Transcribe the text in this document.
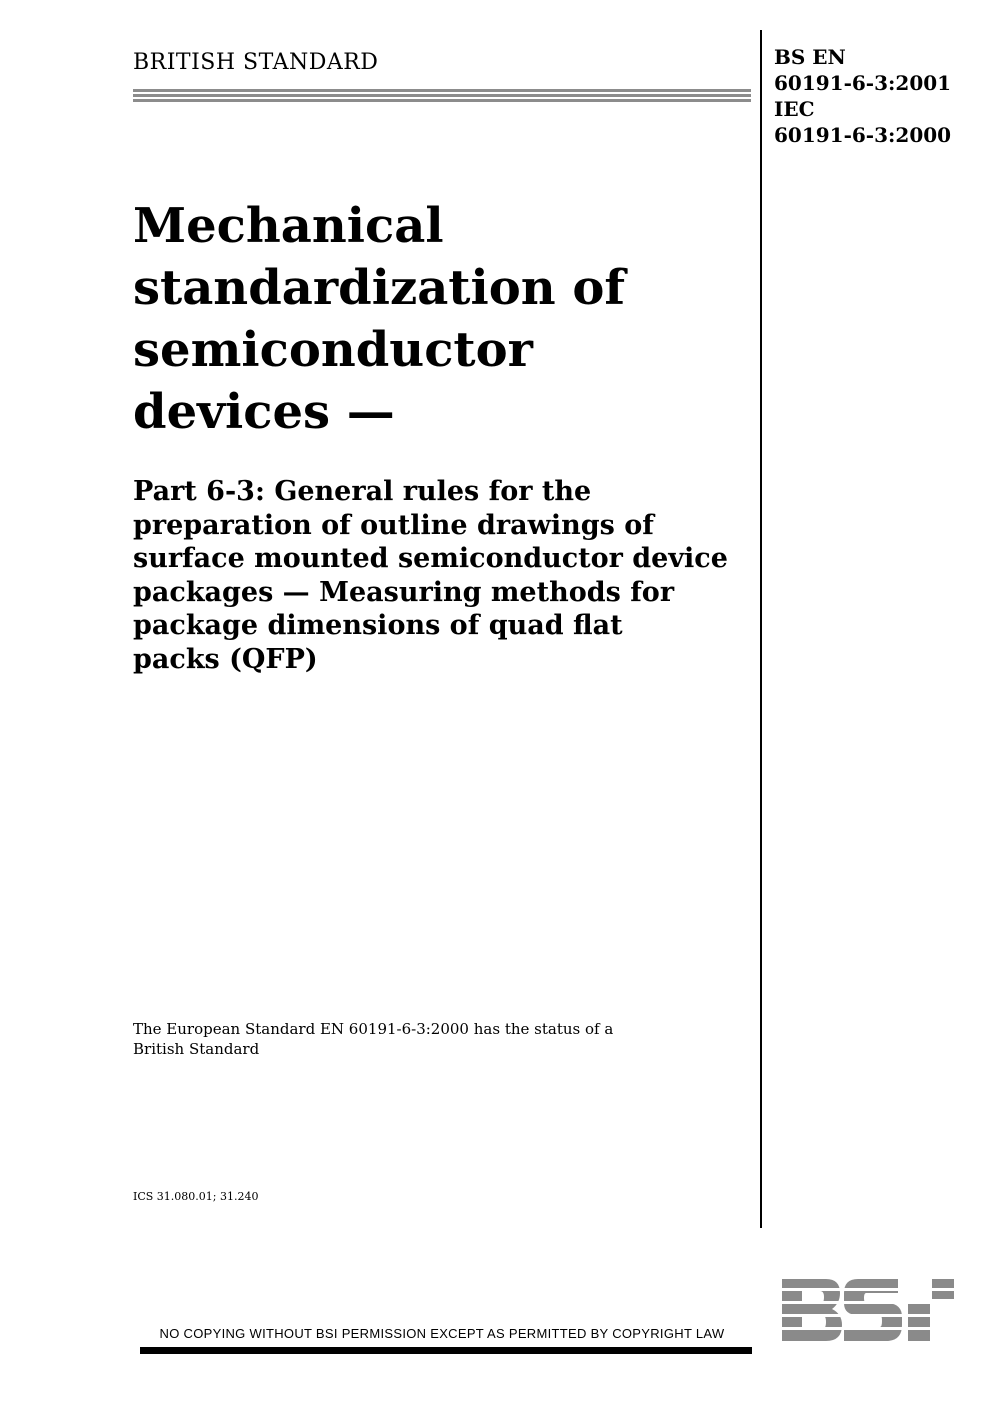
BRITISH STANDARD	BS EN
60191-6-3:2001
IEC
60191-6-3:2000
Mechanical
standardization of
semiconductor
devices —
Part 6-3: General rules for the
preparation of outline drawings of
surface mounted semiconductor device
packages — Measuring methods for
package dimensions of quad flat
packs (QFP)
The European Standard EN 60191-6-3:2000 has the status of a
British Standard
ICS 31.080.01; 31.240
NO COPYING WITHOUT BSI PERMISSION EXCEPT AS PERMITTED BY COPYRIGHT LAW
